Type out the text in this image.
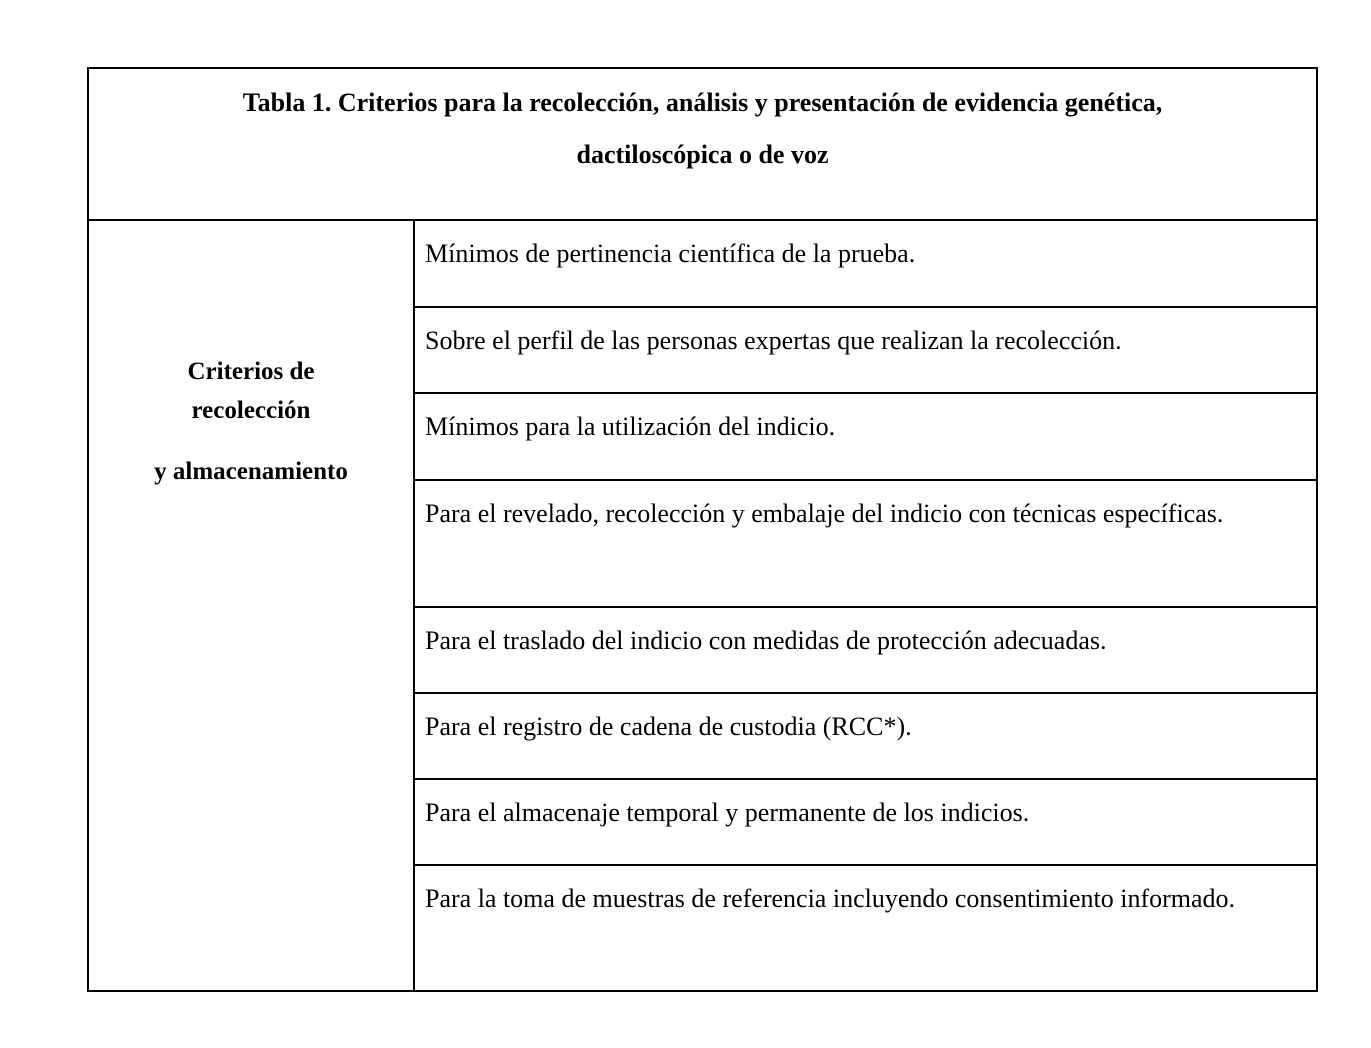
Tabla 1. Criterios para la recolección, análisis y presentación de evidencia genética,
dactiloscópica o de voz
Criterios de
recolección
y almacenamiento
Mínimos de pertinencia científica de la prueba.
Sobre el perfil de las personas expertas que realizan la recolección.
Mínimos para la utilización del indicio.
Para el revelado, recolección y embalaje del indicio con técnicas específicas.
Para el traslado del indicio con medidas de protección adecuadas.
Para el registro de cadena de custodia (RCC*).
Para el almacenaje temporal y permanente de los indicios.
Para la toma de muestras de referencia incluyendo consentimiento informado.
